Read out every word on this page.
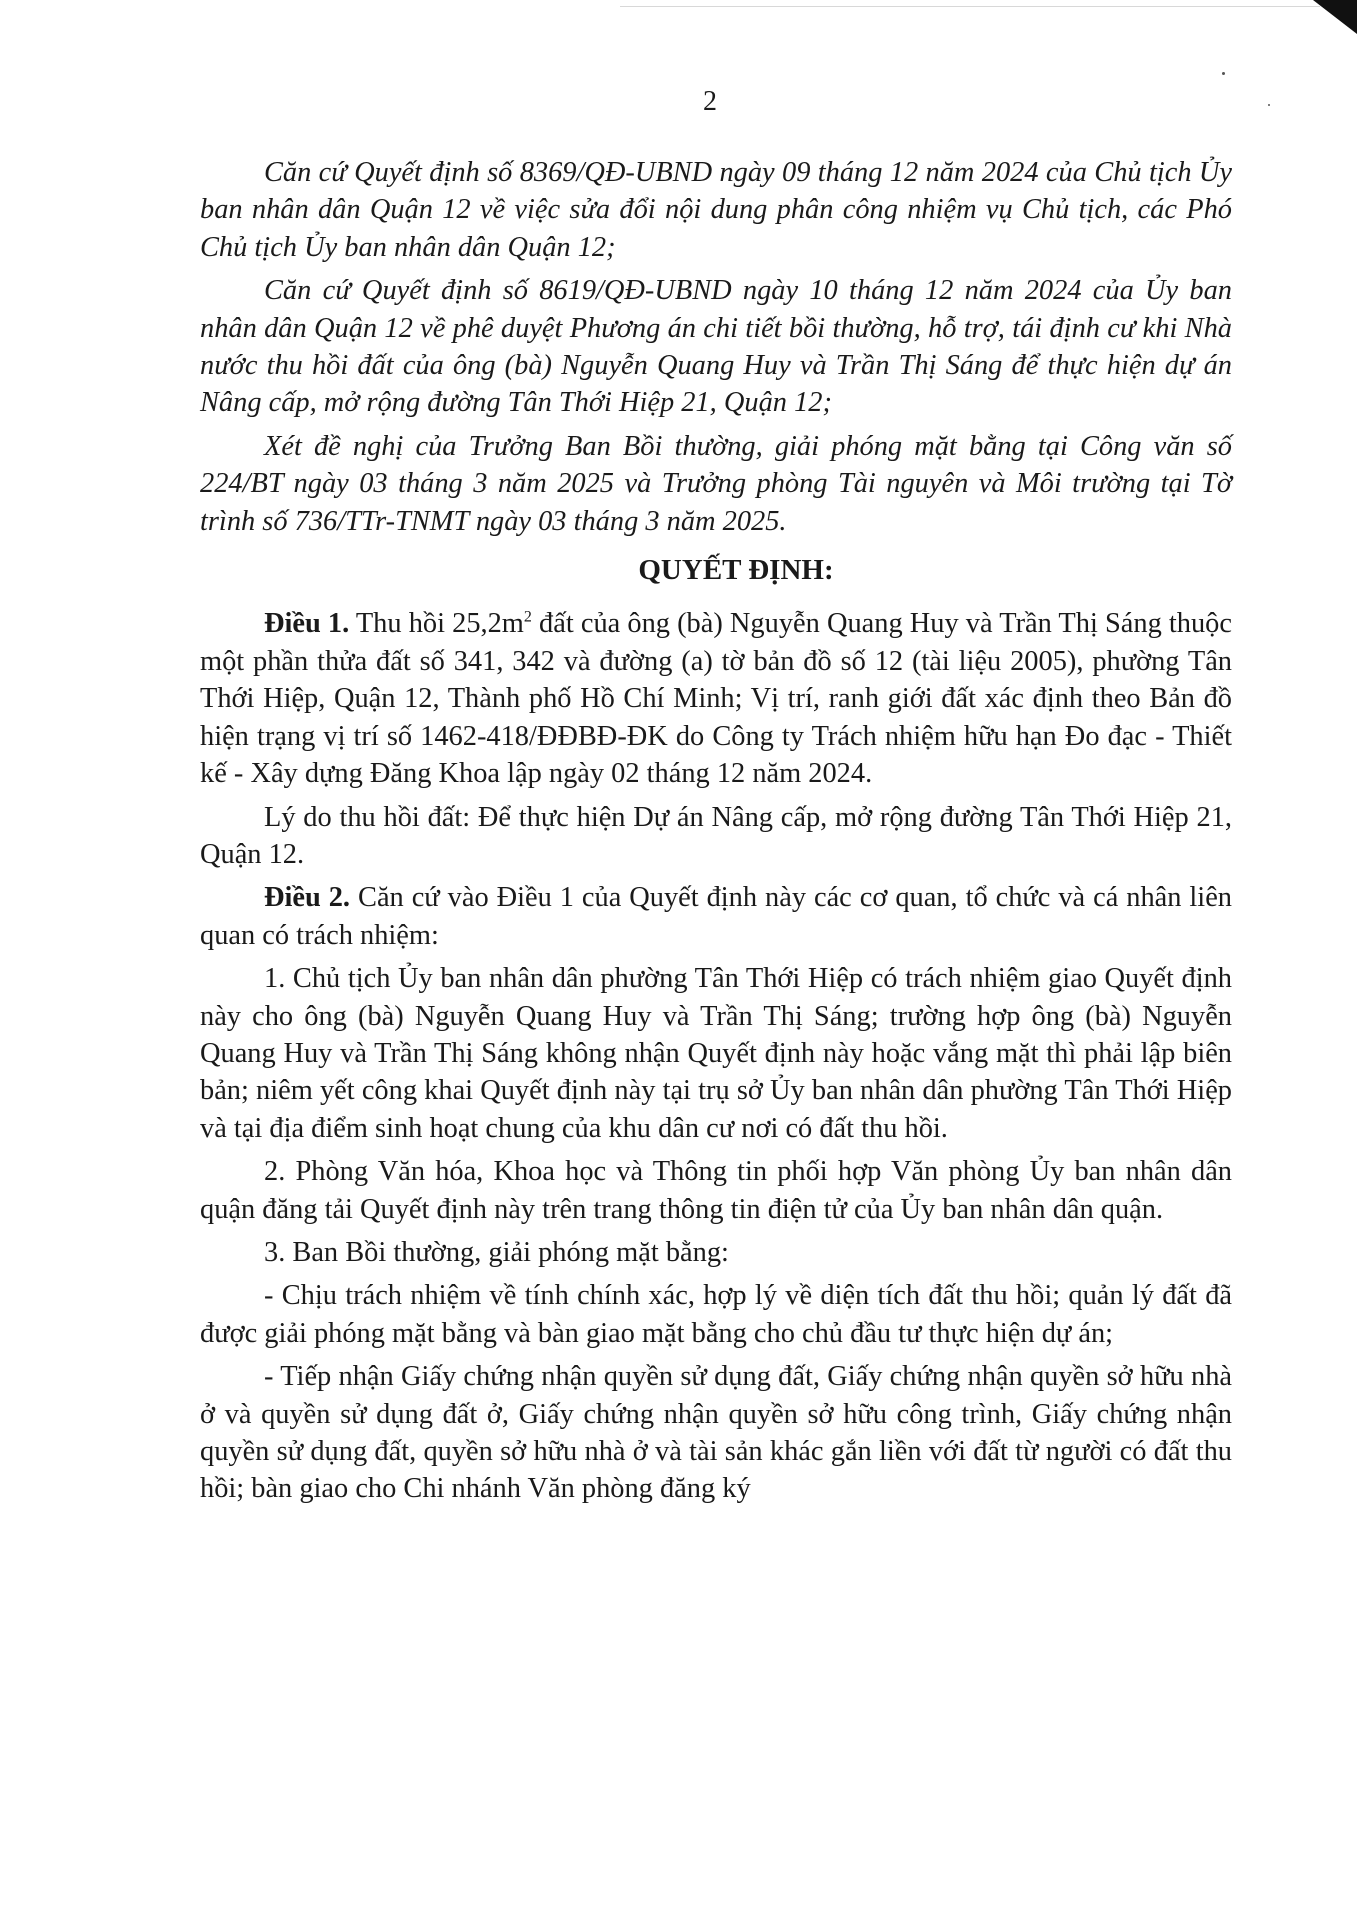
2

Căn cứ Quyết định số 8369/QĐ-UBND ngày 09 tháng 12 năm 2024 của Chủ tịch Ủy ban nhân dân Quận 12 về việc sửa đổi nội dung phân công nhiệm vụ Chủ tịch, các Phó Chủ tịch Ủy ban nhân dân Quận 12;

Căn cứ Quyết định số 8619/QĐ-UBND ngày 10 tháng 12 năm 2024 của Ủy ban nhân dân Quận 12 về phê duyệt Phương án chi tiết bồi thường, hỗ trợ, tái định cư khi Nhà nước thu hồi đất của ông (bà) Nguyễn Quang Huy và Trần Thị Sáng để thực hiện dự án Nâng cấp, mở rộng đường Tân Thới Hiệp 21, Quận 12;

Xét đề nghị của Trưởng Ban Bồi thường, giải phóng mặt bằng tại Công văn số 224/BT ngày 03 tháng 3 năm 2025 và Trưởng phòng Tài nguyên và Môi trường tại Tờ trình số 736/TTr-TNMT ngày 03 tháng 3 năm 2025.

QUYẾT ĐỊNH:

Điều 1. Thu hồi $25,2m^2$ đất của ông (bà) Nguyễn Quang Huy và Trần Thị Sáng thuộc một phần thửa đất số 341, 342 và đường (a) tờ bản đồ số 12 (tài liệu 2005), phường Tân Thới Hiệp, Quận 12, Thành phố Hồ Chí Minh; Vị trí, ranh giới đất xác định theo Bản đồ hiện trạng vị trí số 1462-418/ĐĐBĐ-ĐK do Công ty Trách nhiệm hữu hạn Đo đạc - Thiết kế - Xây dựng Đăng Khoa lập ngày 02 tháng 12 năm 2024.

Lý do thu hồi đất: Để thực hiện Dự án Nâng cấp, mở rộng đường Tân Thới Hiệp 21, Quận 12.

Điều 2. Căn cứ vào Điều 1 của Quyết định này các cơ quan, tổ chức và cá nhân liên quan có trách nhiệm:

1. Chủ tịch Ủy ban nhân dân phường Tân Thới Hiệp có trách nhiệm giao Quyết định này cho ông (bà) Nguyễn Quang Huy và Trần Thị Sáng; trường hợp ông (bà) Nguyễn Quang Huy và Trần Thị Sáng không nhận Quyết định này hoặc vắng mặt thì phải lập biên bản; niêm yết công khai Quyết định này tại trụ sở Ủy ban nhân dân phường Tân Thới Hiệp và tại địa điểm sinh hoạt chung của khu dân cư nơi có đất thu hồi.

2. Phòng Văn hóa, Khoa học và Thông tin phối hợp Văn phòng Ủy ban nhân dân quận đăng tải Quyết định này trên trang thông tin điện tử của Ủy ban nhân dân quận.

3. Ban Bồi thường, giải phóng mặt bằng:

- Chịu trách nhiệm về tính chính xác, hợp lý về diện tích đất thu hồi; quản lý đất đã được giải phóng mặt bằng và bàn giao mặt bằng cho chủ đầu tư thực hiện dự án;

- Tiếp nhận Giấy chứng nhận quyền sử dụng đất, Giấy chứng nhận quyền sở hữu nhà ở và quyền sử dụng đất ở, Giấy chứng nhận quyền sở hữu công trình, Giấy chứng nhận quyền sử dụng đất, quyền sở hữu nhà ở và tài sản khác gắn liền với đất từ người có đất thu hồi; bàn giao cho Chi nhánh Văn phòng đăng ký
